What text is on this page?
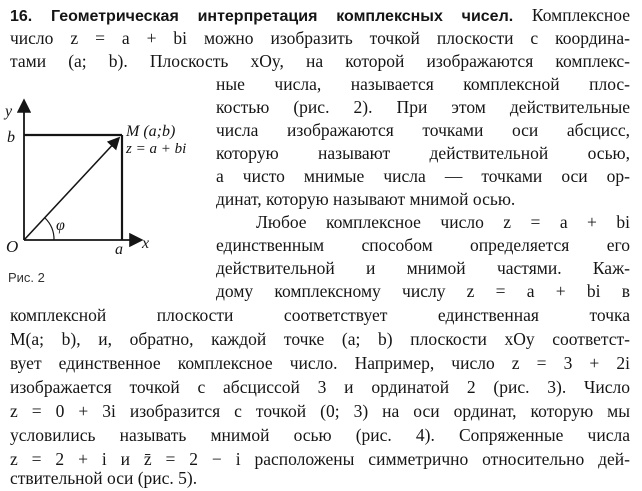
16. Геометрическая интерпретация комплексных чисел. Комплексное
число z = a + bi можно изобразить точкой плоскости с координа-
тами (a; b). Плоскость xOy, на которой изображаются комплекс-
ные числа, называется комплексной плос-
костью (рис. 2). При этом действительные
числа изображаются точками оси абсцисс,
которую называют действительной осью,
а чисто мнимые числа — точками оси ор-
динат, которую называют мнимой осью.
Любое комплексное число z = a + bi
единственным способом определяется его
действительной и мнимой частями. Каж-
дому комплексному числу z = a + bi в
комплексной плоскости соответствует единственная точка
M(a; b), и, обратно, каждой точке (a; b) плоскости xOy соответст-
вует единственное комплексное число. Например, число z = 3 + 2i
изображается точкой с абсциссой 3 и ординатой 2 (рис. 3). Число
z = 0 + 3i изобразится с точкой (0; 3) на оси ординат, которую мы
условились называть мнимой осью (рис. 4). Сопряженные числа
z = 2 + i и z̄ = 2 − i расположены симметрично относительно дей-
ствительной оси (рис. 5).
y
x
O
b
a
φ
M (a;b)
z = a + bi
Рис. 2
